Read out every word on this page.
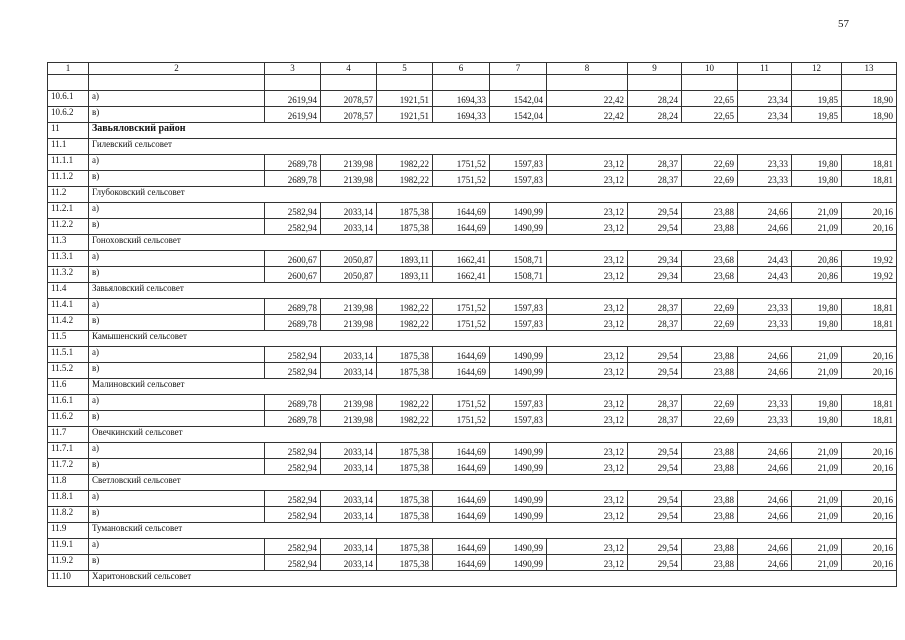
57
1	2	3	4	5	6	7	8	9	10	11	12	13

10.6.1	а)	2619,94	2078,57	1921,51	1694,33	1542,04	22,42	28,24	22,65	23,34	19,85	18,90
10.6.2	в)	2619,94	2078,57	1921,51	1694,33	1542,04	22,42	28,24	22,65	23,34	19,85	18,90
11	Завьяловский район											
11.1	Гилевский сельсовет											
11.1.1	а)	2689,78	2139,98	1982,22	1751,52	1597,83	23,12	28,37	22,69	23,33	19,80	18,81
11.1.2	в)	2689,78	2139,98	1982,22	1751,52	1597,83	23,12	28,37	22,69	23,33	19,80	18,81
11.2	Глубоковский сельсовет											
11.2.1	а)	2582,94	2033,14	1875,38	1644,69	1490,99	23,12	29,54	23,88	24,66	21,09	20,16
11.2.2	в)	2582,94	2033,14	1875,38	1644,69	1490,99	23,12	29,54	23,88	24,66	21,09	20,16
11.3	Гонохoвский сельсовет											
11.3.1	а)	2600,67	2050,87	1893,11	1662,41	1508,71	23,12	29,34	23,68	24,43	20,86	19,92
11.3.2	в)	2600,67	2050,87	1893,11	1662,41	1508,71	23,12	29,34	23,68	24,43	20,86	19,92
11.4	Завьяловский сельсовет											
11.4.1	а)	2689,78	2139,98	1982,22	1751,52	1597,83	23,12	28,37	22,69	23,33	19,80	18,81
11.4.2	в)	2689,78	2139,98	1982,22	1751,52	1597,83	23,12	28,37	22,69	23,33	19,80	18,81
11.5	Камышенский сельсовет											
11.5.1	а)	2582,94	2033,14	1875,38	1644,69	1490,99	23,12	29,54	23,88	24,66	21,09	20,16
11.5.2	в)	2582,94	2033,14	1875,38	1644,69	1490,99	23,12	29,54	23,88	24,66	21,09	20,16
11.6	Малиновский сельсовет											
11.6.1	а)	2689,78	2139,98	1982,22	1751,52	1597,83	23,12	28,37	22,69	23,33	19,80	18,81
11.6.2	в)	2689,78	2139,98	1982,22	1751,52	1597,83	23,12	28,37	22,69	23,33	19,80	18,81
11.7	Овечкинский сельсовет											
11.7.1	а)	2582,94	2033,14	1875,38	1644,69	1490,99	23,12	29,54	23,88	24,66	21,09	20,16
11.7.2	в)	2582,94	2033,14	1875,38	1644,69	1490,99	23,12	29,54	23,88	24,66	21,09	20,16
11.8	Светловский сельсовет											
11.8.1	а)	2582,94	2033,14	1875,38	1644,69	1490,99	23,12	29,54	23,88	24,66	21,09	20,16
11.8.2	в)	2582,94	2033,14	1875,38	1644,69	1490,99	23,12	29,54	23,88	24,66	21,09	20,16
11.9	Тумановский сельсовет											
11.9.1	а)	2582,94	2033,14	1875,38	1644,69	1490,99	23,12	29,54	23,88	24,66	21,09	20,16
11.9.2	в)	2582,94	2033,14	1875,38	1644,69	1490,99	23,12	29,54	23,88	24,66	21,09	20,16
11.10	Харитоновский сельсовет											
